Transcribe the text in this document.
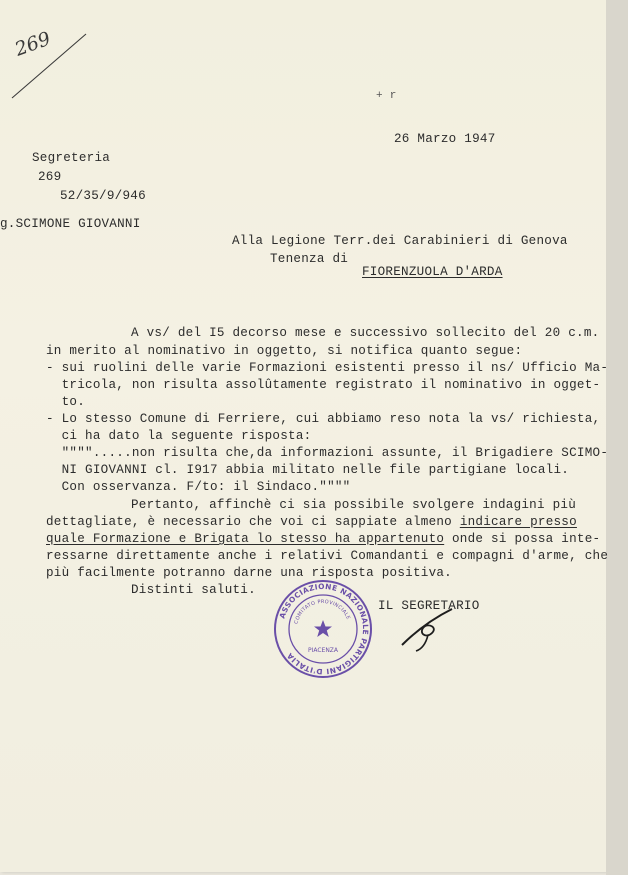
269
+ r
26 Marzo 1947
Segreteria
269
52/35/9/946
g.SCIMONE GIOVANNI
Alla Legione Terr.dei Carabinieri di Genova
Tenenza di
FIORENZUOLA D'ARDA
A vs/ del I5 decorso mese e successivo sollecito del 20 c.m.
in merito al nominativo in oggetto, si notifica quanto segue:
- sui ruolini delle varie Formazioni esistenti presso il ns/ Ufficio Ma-
tricola, non risulta assolûtamente registrato il nominativo in ogget-
to.
- Lo stesso Comune di Ferriere, cui abbiamo reso nota la vs/ richiesta,
ci ha dato la seguente risposta:
"""".....non risulta che,da informazioni assunte, il Brigadiere SCIMO-
NI GIOVANNI cl. I917 abbia militato nelle file partigiane locali.
Con osservanza. F/to: il Sindaco.""""
Pertanto, affinchè ci sia possibile svolgere indagini più
dettagliate, è necessario che voi ci sappiate almeno indicare presso
quale Formazione e Brigata lo stesso ha appartenuto onde si possa inte-
ressarne direttamente anche i relativi Comandanti e compagni d'arme, che
più facilmente potranno darne una risposta positiva.
Distinti saluti.
IL SEGRETARIO
ASSOCIAZIONE NAZIONALE PARTIGIANI D'ITALIA
COMITATO PROVINCIALE
PIACENZA
